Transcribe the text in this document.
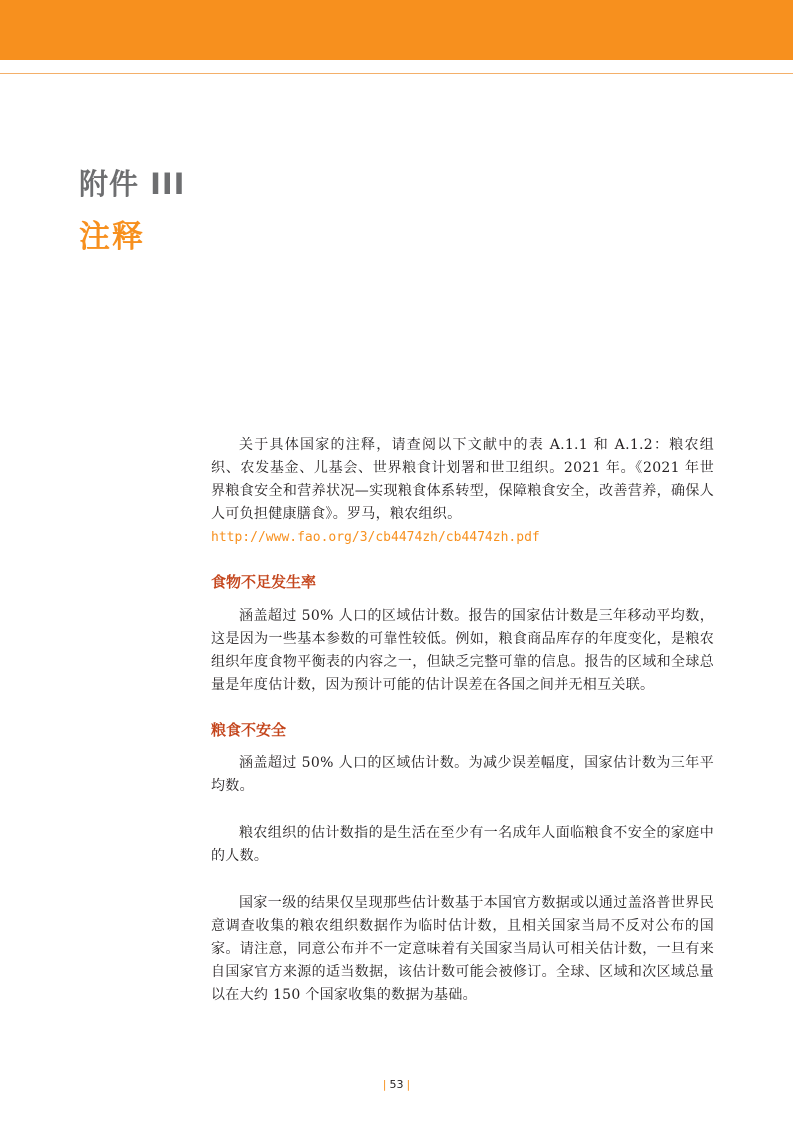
附件 III
注释

关于具体国家的注释，请查阅以下文献中的表 A.1.1 和 A.1.2：粮农组织、农发基金、儿基会、世界粮食计划署和世卫组织。2021 年。《2021 年世界粮食安全和营养状况—实现粮食体系转型，保障粮食安全，改善营养，确保人人可负担健康膳食》。罗马，粮农组织。

http://www.fao.org/3/cb4474zh/cb4474zh.pdf

食物不足发生率

涵盖超过 50% 人口的区域估计数。报告的国家估计数是三年移动平均数，这是因为一些基本参数的可靠性较低。例如，粮食商品库存的年度变化，是粮农组织年度食物平衡表的内容之一，但缺乏完整可靠的信息。报告的区域和全球总量是年度估计数，因为预计可能的估计误差在各国之间并无相互关联。

粮食不安全

涵盖超过 50% 人口的区域估计数。为减少误差幅度，国家估计数为三年平均数。

粮农组织的估计数指的是生活在至少有一名成年人面临粮食不安全的家庭中的人数。

国家一级的结果仅呈现那些估计数基于本国官方数据或以通过盖洛普世界民意调查收集的粮农组织数据作为临时估计数，且相关国家当局不反对公布的国家。请注意，同意公布并不一定意味着有关国家当局认可相关估计数，一旦有来自国家官方来源的适当数据，该估计数可能会被修订。全球、区域和次区域总量以在大约 150 个国家收集的数据为基础。

| 53 |
